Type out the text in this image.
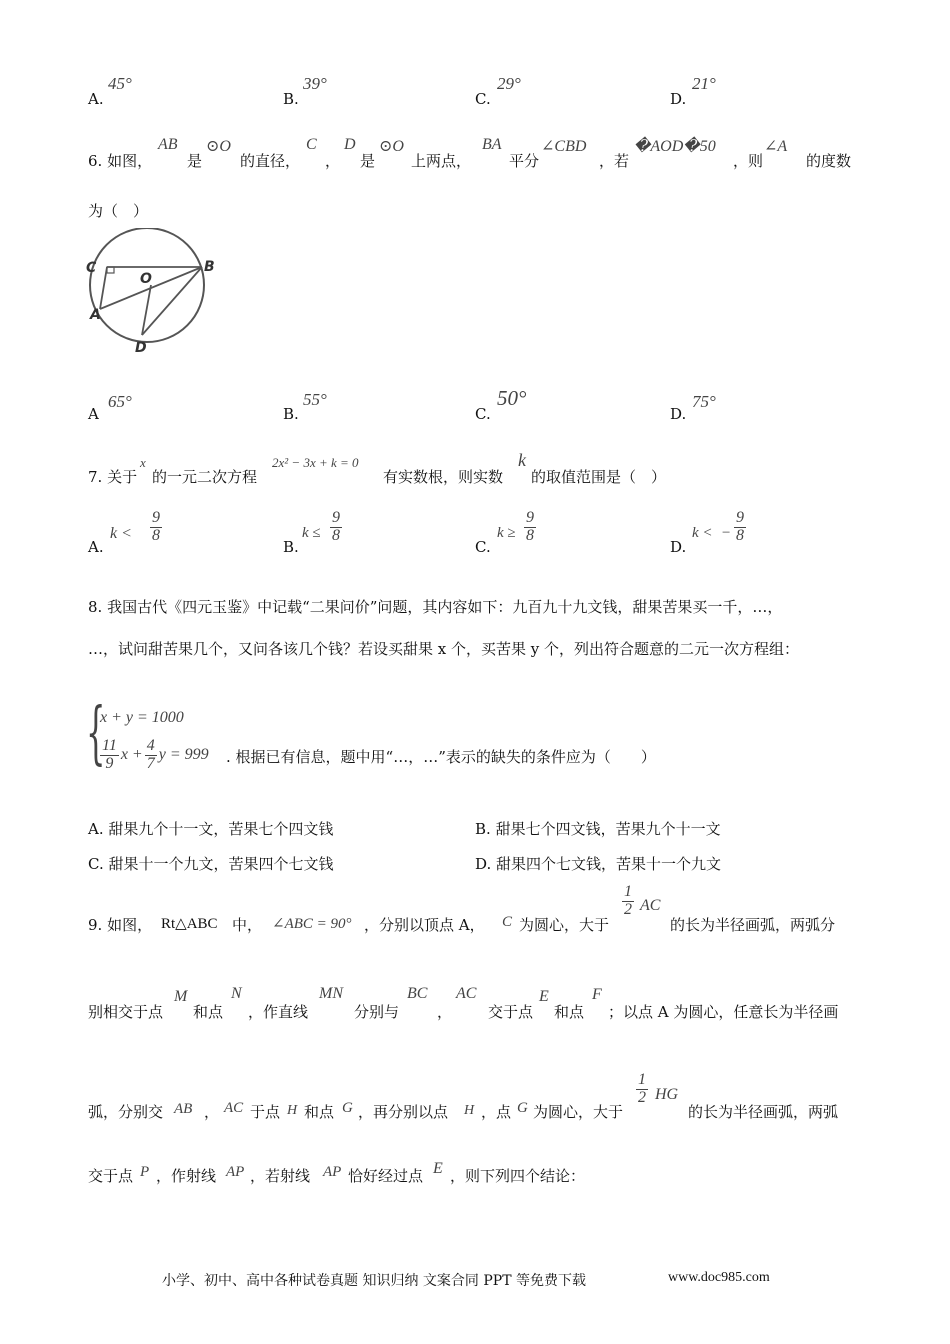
A.
45°
B.
39°
C.
29°
D.
21°
6. 如图，
AB
是
⊙O
的直径，
C
，
D
是
⊙O
上两点，
BA
平分
∠CBD
，若
�AOD�50
，则
∠A
的度数
为（　）
C
O
B
A
D
A
65°
B.
55°
C.
50°
D.
75°
7. 关于
x
的一元二次方程
2x² − 3x + k = 0
有实数根，则实数
k
的取值范围是（　）
A.
$k < \frac{9}{8}$
B.
$k \le \frac{9}{8}$
C.
$k \ge \frac{9}{8}$
D.
k < − $\frac{9}{8}$
8. 我国古代《四元玉鉴》中记载“二果问价”问题，其内容如下：九百九十九文钱，甜果苦果买一千，…，
…，试问甜苦果几个，又问各该几个钱？若设买甜果 x 个，买苦果 y 个，列出符合题意的二元一次方程组：
{
x + y = 1000
$\frac{11}{9}$ $x + \frac{4}{7}$ y = 999 . 根据已有信息，题中用“…，…”表示的缺失的条件应为（　　）
A. 甜果九个十一文，苦果七个四文钱	B. 甜果七个四文钱，苦果九个十一文
C. 甜果十一个九文，苦果四个七文钱	D. 甜果四个七文钱，苦果十一个九文
9. 如图， Rt△ABC 中， ∠ABC = 90° ，分别以顶点 A， C 为圆心，大于
$\frac{1}{2}$ AC
的长为半径画弧，两弧分
别相交于点
M
和点
N
，作直线
MN
分别与
BC
，
AC
交于点
E
和点
F
；以点 A 为圆心，任意长为半径画
弧，分别交 AB ， AC 于点 H 和点 G ，再分别以点 H ，点 G 为圆心，大于
$\frac{1}{2}$ HG
的长为半径画弧，两弧
交于点 P ，作射线 AP ，若射线 AP 恰好经过点 E ，则下列四个结论：
小学、初中、高中各种试卷真题 知识归纳 文案合同 PPT 等免费下载	www.doc985.com
